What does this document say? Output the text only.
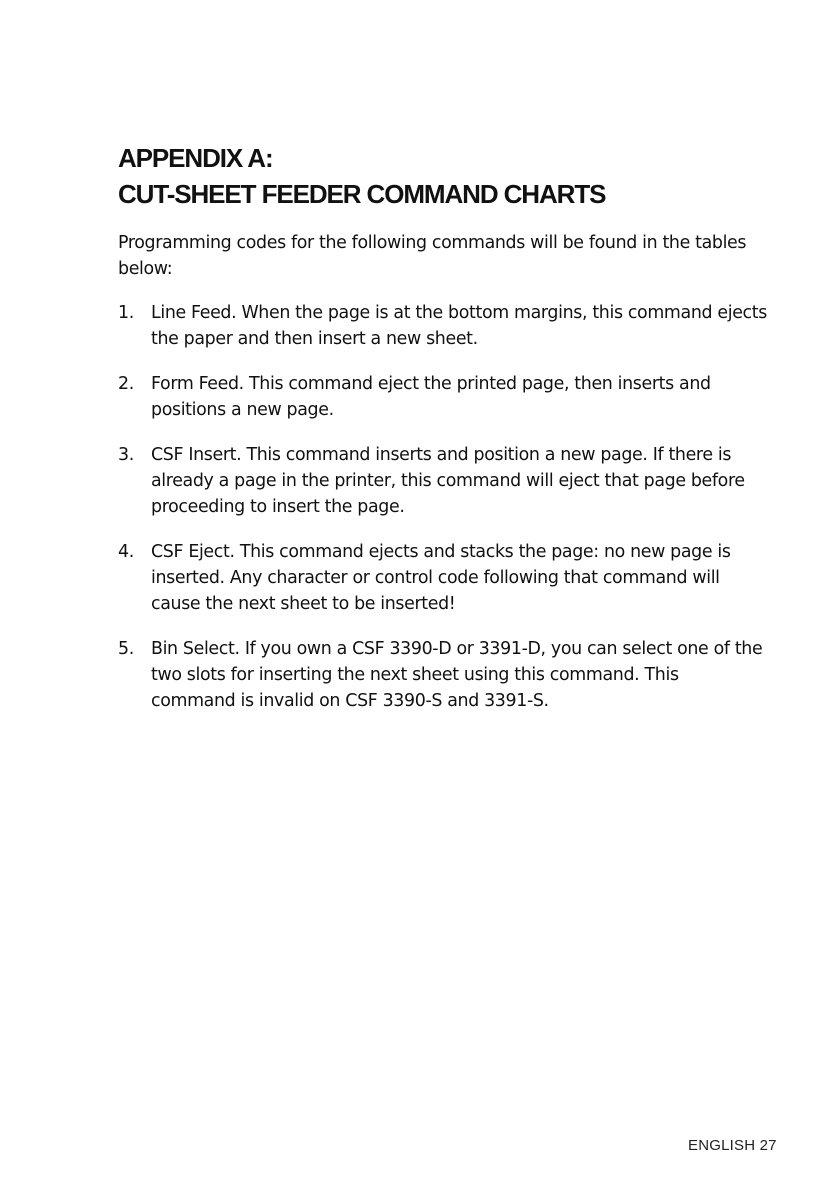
APPENDIX A:
CUT-SHEET FEEDER COMMAND CHARTS

Programming codes for the following commands will be found in the tables below:

1. Line Feed. When the page is at the bottom margins, this command ejects the paper and then insert a new sheet.
2. Form Feed. This command eject the printed page, then inserts and positions a new page.
3. CSF Insert. This command inserts and position a new page. If there is already a page in the printer, this command will eject that page before proceeding to insert the page.
4. CSF Eject. This command ejects and stacks the page: no new page is inserted. Any character or control code following that command will cause the next sheet to be inserted!
5. Bin Select. If you own a CSF 3390-D or 3391-D, you can select one of the two slots for inserting the next sheet using this command. This command is invalid on CSF 3390-S and 3391-S.
ENGLISH 27
